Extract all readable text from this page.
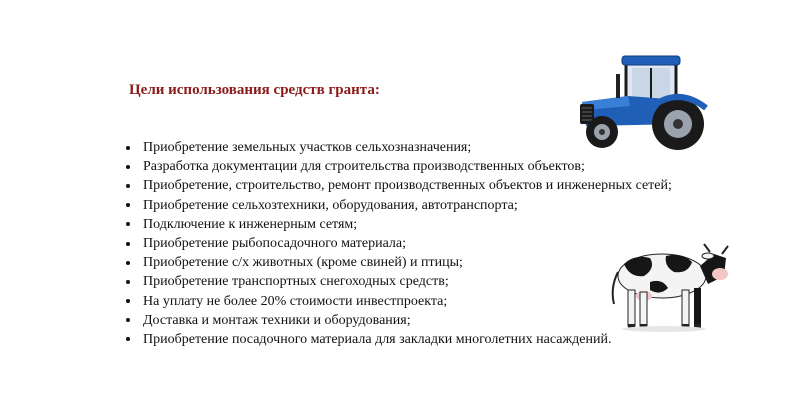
Цели использования средств гранта:
Приобретение земельных участков сельхозназначения;
Разработка документации для строительства производственных объектов;
Приобретение, строительство, ремонт производственных объектов и инженерных сетей;
Приобретение сельхозтехники, оборудования, автотранспорта;
Подключение к инженерным сетям;
Приобретение рыбопосадочного материала;
Приобретение с/х животных (кроме свиней) и птицы;
Приобретение транспортных снегоходных средств;
На уплату не более 20% стоимости инвестпроекта;
Доставка и монтаж техники и оборудования;
Приобретение посадочного материала для закладки многолетних насаждений.
